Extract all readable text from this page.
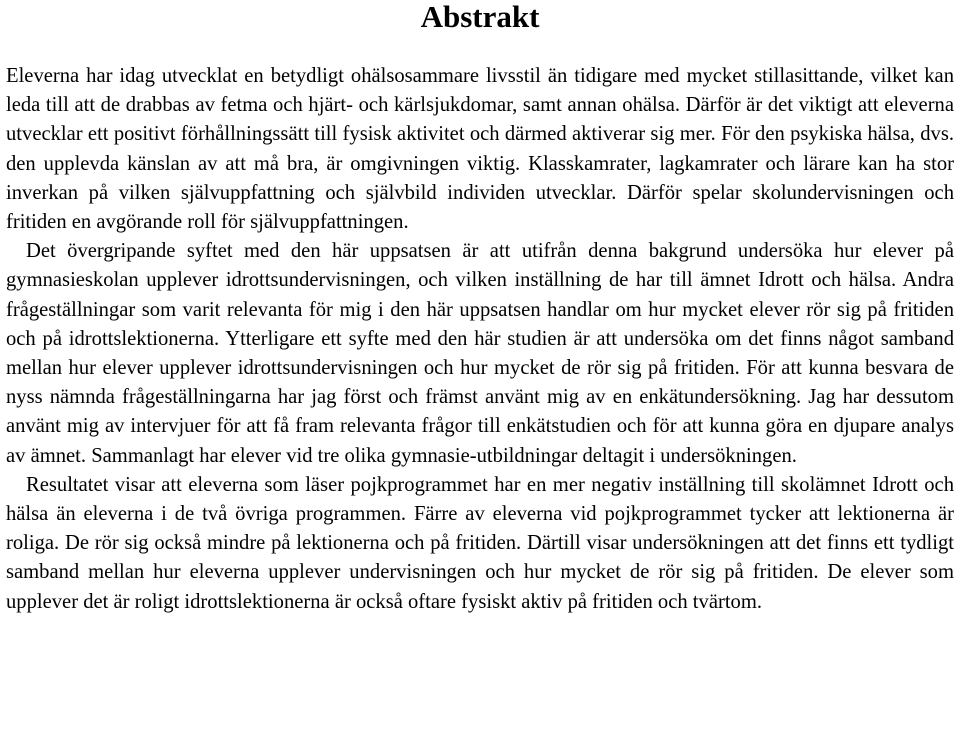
Abstrakt

Eleverna har idag utvecklat en betydligt ohälsosammare livsstil än tidigare med mycket stillasittande, vilket kan leda till att de drabbas av fetma och hjärt- och kärlsjukdomar, samt annan ohälsa. Därför är det viktigt att eleverna utvecklar ett positivt förhållningssätt till fysisk aktivitet och därmed aktiverar sig mer. För den psykiska hälsa, dvs. den upplevda känslan av att må bra, är omgivningen viktig. Klasskamrater, lagkamrater och lärare kan ha stor inverkan på vilken självuppfattning och självbild individen utvecklar. Därför spelar skolundervisningen och fritiden en avgörande roll för självuppfattningen.

Det övergripande syftet med den här uppsatsen är att utifrån denna bakgrund undersöka hur elever på gymnasieskolan upplever idrottsundervisningen, och vilken inställning de har till ämnet Idrott och hälsa. Andra frågeställningar som varit relevanta för mig i den här uppsatsen handlar om hur mycket elever rör sig på fritiden och på idrottslektionerna. Ytterligare ett syfte med den här studien är att undersöka om det finns något samband mellan hur elever upplever idrottsundervisningen och hur mycket de rör sig på fritiden. För att kunna besvara de nyss nämnda frågeställningarna har jag först och främst använt mig av en enkätundersökning. Jag har dessutom använt mig av intervjuer för att få fram relevanta frågor till enkätstudien och för att kunna göra en djupare analys av ämnet. Sammanlagt har elever vid tre olika gymnasie-utbildningar deltagit i undersökningen.

Resultatet visar att eleverna som läser pojkprogrammet har en mer negativ inställning till skolämnet Idrott och hälsa än eleverna i de två övriga programmen. Färre av eleverna vid pojkprogrammet tycker att lektionerna är roliga. De rör sig också mindre på lektionerna och på fritiden. Därtill visar undersökningen att det finns ett tydligt samband mellan hur eleverna upplever undervisningen och hur mycket de rör sig på fritiden. De elever som upplever det är roligt idrottslektionerna är också oftare fysiskt aktiv på fritiden och tvärtom.
